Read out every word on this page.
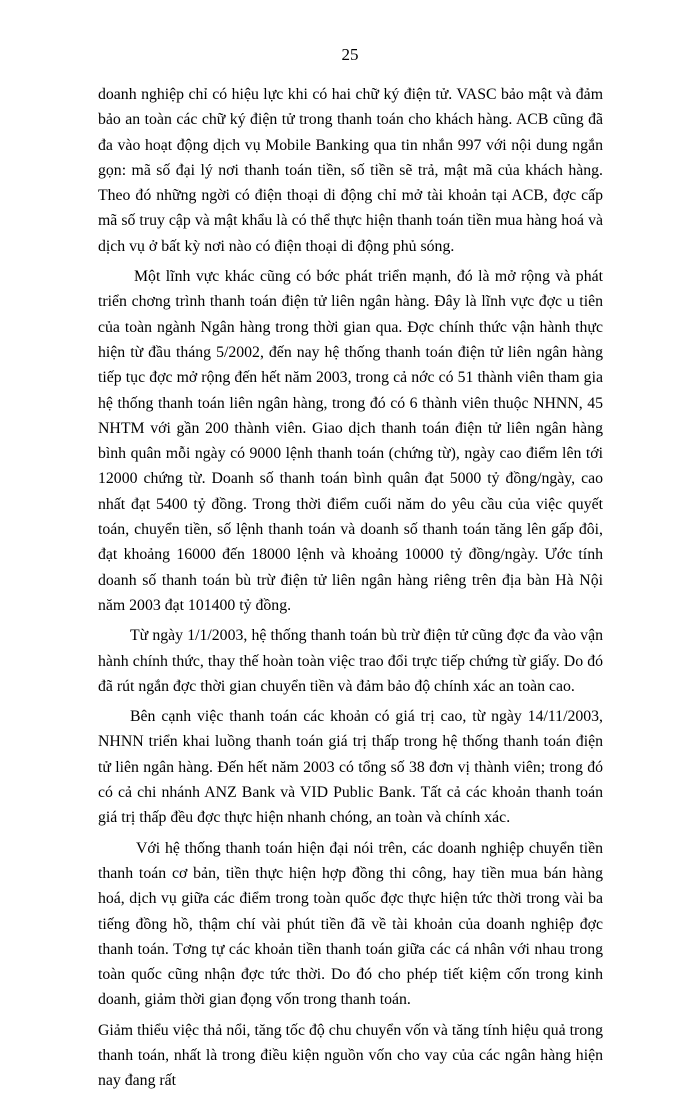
25

doanh nghiệp chỉ có hiệu lực khi có hai chữ ký điện tử. VASC bảo mật và đảm bảo an toàn các chữ ký điện tử trong thanh toán cho khách hàng. ACB cũng đã đa vào hoạt động dịch vụ Mobile Banking qua tin nhắn 997 với nội dung ngắn gọn: mã số đại lý nơi thanh toán tiền, số tiền sẽ trả, mật mã của khách hàng. Theo đó những ngời có điện thoại di động chỉ mở tài khoản tại ACB, đợc cấp mã số truy cập và mật khẩu là có thể thực hiện thanh toán tiền mua hàng hoá và dịch vụ ở bất kỳ nơi nào có điện thoại di động phủ sóng.

Một lĩnh vực khác cũng có bớc phát triển mạnh, đó là mở rộng và phát triển chơng trình thanh toán điện tử liên ngân hàng. Đây là lĩnh vực đợc u tiên của toàn ngành Ngân hàng trong thời gian qua. Đợc chính thức vận hành thực hiện từ đầu tháng 5/2002, đến nay hệ thống thanh toán điện tử liên ngân hàng tiếp tục đợc mở rộng đến hết năm 2003, trong cả nớc có 51 thành viên tham gia hệ thống thanh toán liên ngân hàng, trong đó có 6 thành viên thuộc NHNN, 45 NHTM với gần 200 thành viên. Giao dịch thanh toán điện tử liên ngân hàng bình quân mỗi ngày có 9000 lệnh thanh toán (chứng từ), ngày cao điểm lên tới 12000 chứng từ. Doanh số thanh toán bình quân đạt 5000 tỷ đồng/ngày, cao nhất đạt 5400 tỷ đồng. Trong thời điểm cuối năm do yêu cầu của việc quyết toán, chuyển tiền, số lệnh thanh toán và doanh số thanh toán tăng lên gấp đôi, đạt khoảng 16000 đến 18000 lệnh và khoảng 10000 tỷ đồng/ngày. Ước tính doanh số thanh toán bù trừ điện tử liên ngân hàng riêng trên địa bàn Hà Nội năm 2003 đạt 101400 tỷ đồng.

Từ ngày 1/1/2003, hệ thống thanh toán bù trừ điện tử cũng đợc đa vào vận hành chính thức, thay thế hoàn toàn việc trao đổi trực tiếp chứng từ giấy. Do đó đã rút ngắn đợc thời gian chuyển tiền và đảm bảo độ chính xác an toàn cao.

Bên cạnh việc thanh toán các khoản có giá trị cao, từ ngày 14/11/2003, NHNN triển khai luồng thanh toán giá trị thấp trong hệ thống thanh toán điện tử liên ngân hàng. Đến hết năm 2003 có tổng số 38 đơn vị thành viên; trong đó có cả chi nhánh ANZ Bank và VID Public Bank. Tất cả các khoản thanh toán giá trị thấp đều đợc thực hiện nhanh chóng, an toàn và chính xác.

Với hệ thống thanh toán hiện đại nói trên, các doanh nghiệp chuyển tiền thanh toán cơ bản, tiền thực hiện hợp đồng thi công, hay tiền mua bán hàng hoá, dịch vụ giữa các điểm trong toàn quốc đợc thực hiện tức thời trong vài ba tiếng đồng hồ, thậm chí vài phút tiền đã về tài khoản của doanh nghiệp đợc thanh toán. Tơng tự các khoản tiền thanh toán giữa các cá nhân với nhau trong toàn quốc cũng nhận đợc tức thời. Do đó cho phép tiết kiệm cốn trong kinh doanh, giảm thời gian đọng vốn trong thanh toán.

Giảm thiểu việc thả nổi, tăng tốc độ chu chuyển vốn và tăng tính hiệu quả trong thanh toán, nhất là trong điều kiện nguồn vốn cho vay của các ngân hàng hiện nay đang rất
